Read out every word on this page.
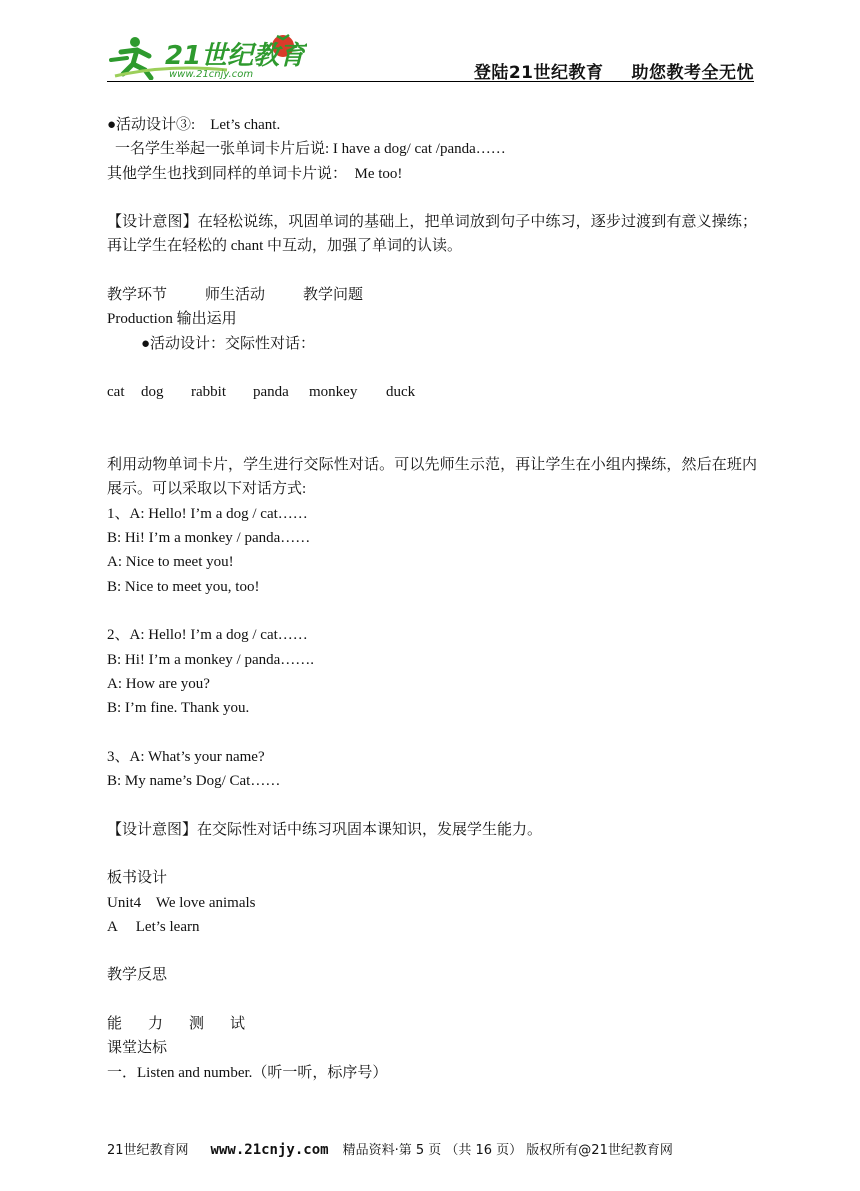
21世纪教育
www.21cnjy.com	登陆21世纪教育 助您教考全无忧
●活动设计③:    Let’s chant.
一名学生举起一张单词卡片后说: I have a dog/ cat /panda……
其他学生也找到同样的单词卡片说：  Me too!
【设计意图】在轻松说练，巩固单词的基础上，把单词放到句子中练习，逐步过渡到有意义操练；再让学生在轻松的 chant 中互动，加强了单词的认读。
教学环节	师生活动	教学问题
Production 输出运用
●活动设计：交际性对话：
cat dog rabbit panda monkey duck
利用动物单词卡片，学生进行交际性对话。可以先师生示范，再让学生在小组内操练，然后在班内展示。可以采取以下对话方式:
1、A: Hello! I’m a dog / cat……
B: Hi! I’m a monkey / panda……
A: Nice to meet you!
B: Nice to meet you, too!
2、A: Hello! I’m a dog / cat……
B: Hi! I’m a monkey / panda…….
A: How are you?
B: I’m fine. Thank you.
3、A: What’s your name?
B: My name’s Dog/ Cat……
【设计意图】在交际性对话中练习巩固本课知识，发展学生能力。
板书设计
Unit4    We love animals
A     Let’s learn
教学反思
能 力 测 试
课堂达标
一．Listen and number.（听一听，标序号）
21世纪教育网 www.21cnjy.com 精品资料·第 5 页 （共 16 页） 版权所有@21世纪教育网
